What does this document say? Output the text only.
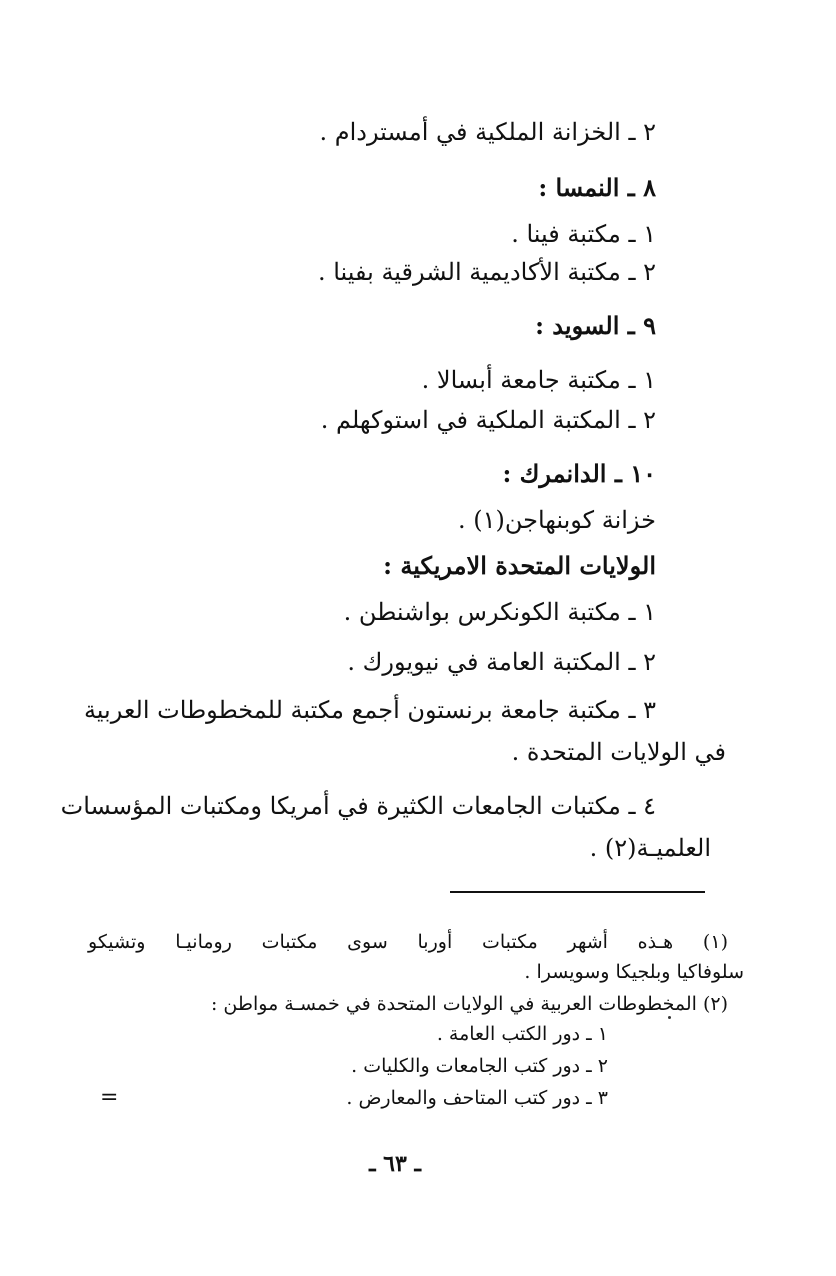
٢ ـ الخزانة الملكية في أمستردام .
٨ ـ النمسا :
١ ـ مكتبة فينا .
٢ ـ مكتبة الأكاديمية الشرقية بفينا .
٩ ـ السويد :
١ ـ مكتبة جامعة أبسالا .
٢ ـ المكتبة الملكية في استوكهلم .
١٠ ـ الدانمرك :
خزانة كوبنهاجن(١) .
الولايات المتحدة الامريكية :
١ ـ مكتبة الكونكرس بواشنطن .
٢ ـ المكتبة العامة في نيويورك .
٣ ـ مكتبة جامعة برنستون أجمع مكتبة للمخطوطات العربية
في الولايات المتحدة .
٤ ـ مكتبات الجامعات الكثيرة في أمريكا ومكتبات المؤسسات
العلميـة(٢) .
(١) هـذه أشهر مكتبات أوربا سوى مكتبات رومانيـا وتشيكو
سلوفاكيا وبلجيكا وسويسرا .
(٢) المخطوطات العربية في الولايات المتحدة في خمسـة مواطن :
١ ـ دور الكتب العامة .
٢ ـ دور كتب الجامعات والكليات .
٣ ـ دور كتب المتاحف والمعارض .
=
ـ ٦٣ ـ
